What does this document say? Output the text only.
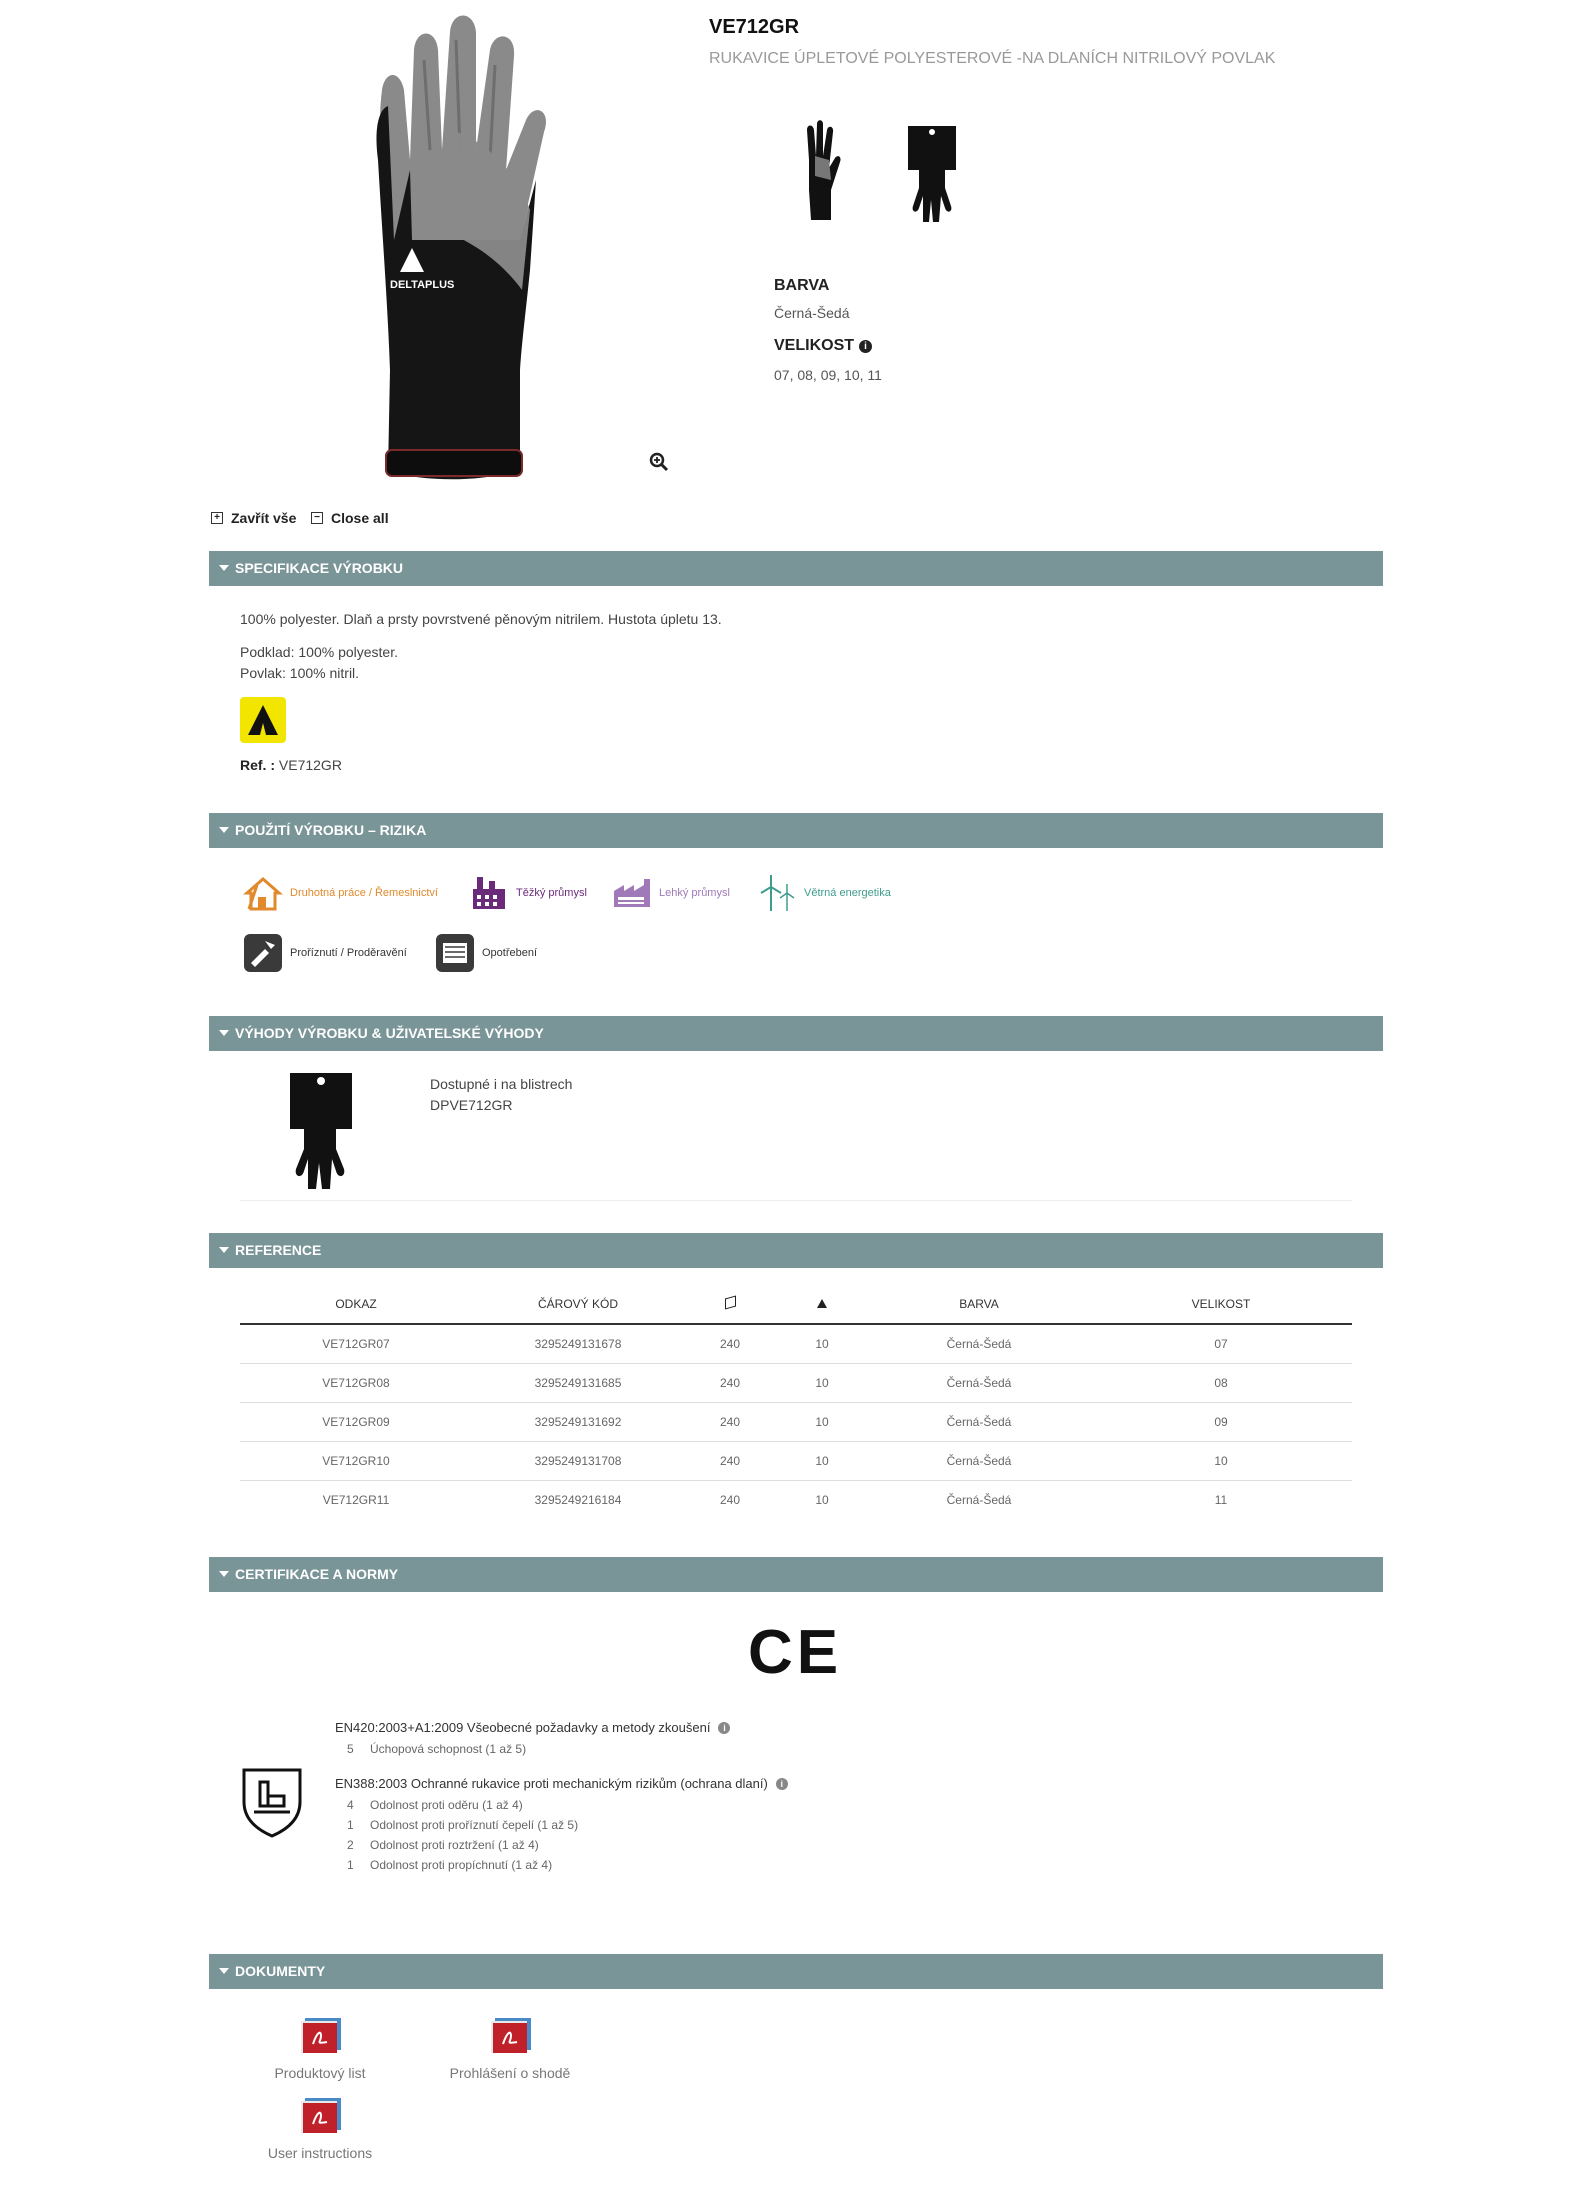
DELTAPLUS
VE712GR
RUKAVICE ÚPLETOVÉ POLYESTEROVÉ -NA DLANÍCH NITRILOVÝ POVLAK
BARVA
Černá-Šedá
VELIKOST	i
07, 08, 09, 10, 11
+ Zavřít vše	− Close all
SPECIFIKACE VÝROBKU
100% polyester. Dlaň a prsty povrstvené pěnovým nitrilem. Hustota úpletu 13.
Podklad: 100% polyester.
Povlak: 100% nitril.
Ref. : VE712GR
POUŽITÍ VÝROBKU – RIZIKA
Druhotná práce / Řemeslnictví	Těžký průmysl	Lehký průmysl	Větrná energetika
Proříznutí / Proděravění	Opotřebení
VÝHODY VÝROBKU & UŽIVATELSKÉ VÝHODY
Dostupné i na blistrech
DPVE712GR
REFERENCE
ODKAZ	ČÁROVÝ KÓD			BARVA	VELIKOST
VE712GR07	3295249131678	240	10	Černá-Šedá	07
VE712GR08	3295249131685	240	10	Černá-Šedá	08
VE712GR09	3295249131692	240	10	Černá-Šedá	09
VE712GR10	3295249131708	240	10	Černá-Šedá	10
VE712GR11	3295249216184	240	10	Černá-Šedá	11
CERTIFIKACE A NORMY
CE
EN420:2003+A1:2009 Všeobecné požadavky a metody zkoušení	i
5 Úchopová schopnost (1 až 5)
EN388:2003 Ochranné rukavice proti mechanickým rizikům (ochrana dlaní)	i
4 Odolnost proti oděru (1 až 4)
1 Odolnost proti proříznutí čepelí (1 až 5)
2 Odolnost proti roztržení (1 až 4)
1 Odolnost proti propíchnutí (1 až 4)
DOKUMENTY
Produktový list	Prohlášení o shodě
User instructions
